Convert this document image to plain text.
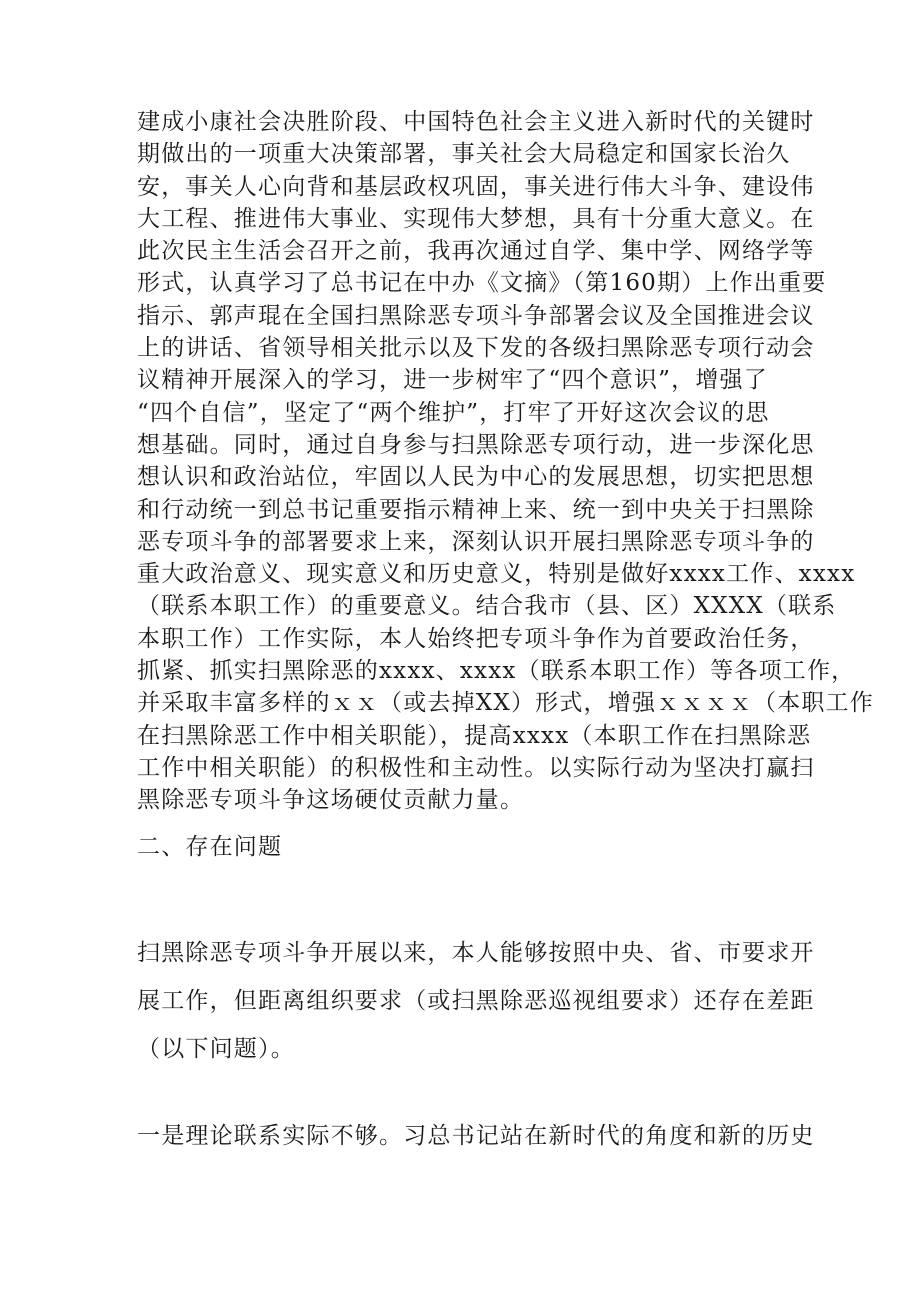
建成小康社会决胜阶段、中国特色社会主义进入新时代的关键时
期做出的一项重大决策部署，事关社会大局稳定和国家长治久
安，事关人心向背和基层政权巩固，事关进行伟大斗争、建设伟
大工程、推进伟大事业、实现伟大梦想，具有十分重大意义。在
此次民主生活会召开之前，我再次通过自学、集中学、网络学等
形式，认真学习了总书记在中办《文摘》（第160期）上作出重要
指示、郭声琨在全国扫黑除恶专项斗争部署会议及全国推进会议
上的讲话、省领导相关批示以及下发的各级扫黑除恶专项行动会
议精神开展深入的学习，进一步树牢了“四个意识”，增强了
“四个自信”，坚定了“两个维护”，打牢了开好这次会议的思
想基础。同时，通过自身参与扫黑除恶专项行动，进一步深化思
想认识和政治站位，牢固以人民为中心的发展思想，切实把思想
和行动统一到总书记重要指示精神上来、统一到中央关于扫黑除
恶专项斗争的部署要求上来，深刻认识开展扫黑除恶专项斗争的
重大政治意义、现实意义和历史意义，特别是做好xxxx工作、xxxx
（联系本职工作）的重要意义。结合我市（县、区）XXXX（联系
本职工作）工作实际，本人始终把专项斗争作为首要政治任务，
抓紧、抓实扫黑除恶的xxxx、xxxx（联系本职工作）等各项工作，
并采取丰富多样的ｘｘ（或去掉XX）形式，增强ｘｘｘｘ（本职工作
在扫黑除恶工作中相关职能），提高xxxx（本职工作在扫黑除恶
工作中相关职能）的积极性和主动性。以实际行动为坚决打赢扫
黑除恶专项斗争这场硬仗贡献力量。
二、存在问题
扫黑除恶专项斗争开展以来，本人能够按照中央、省、市要求开
展工作，但距离组织要求（或扫黑除恶巡视组要求）还存在差距
（以下问题）。
一是理论联系实际不够。习总书记站在新时代的角度和新的历史
